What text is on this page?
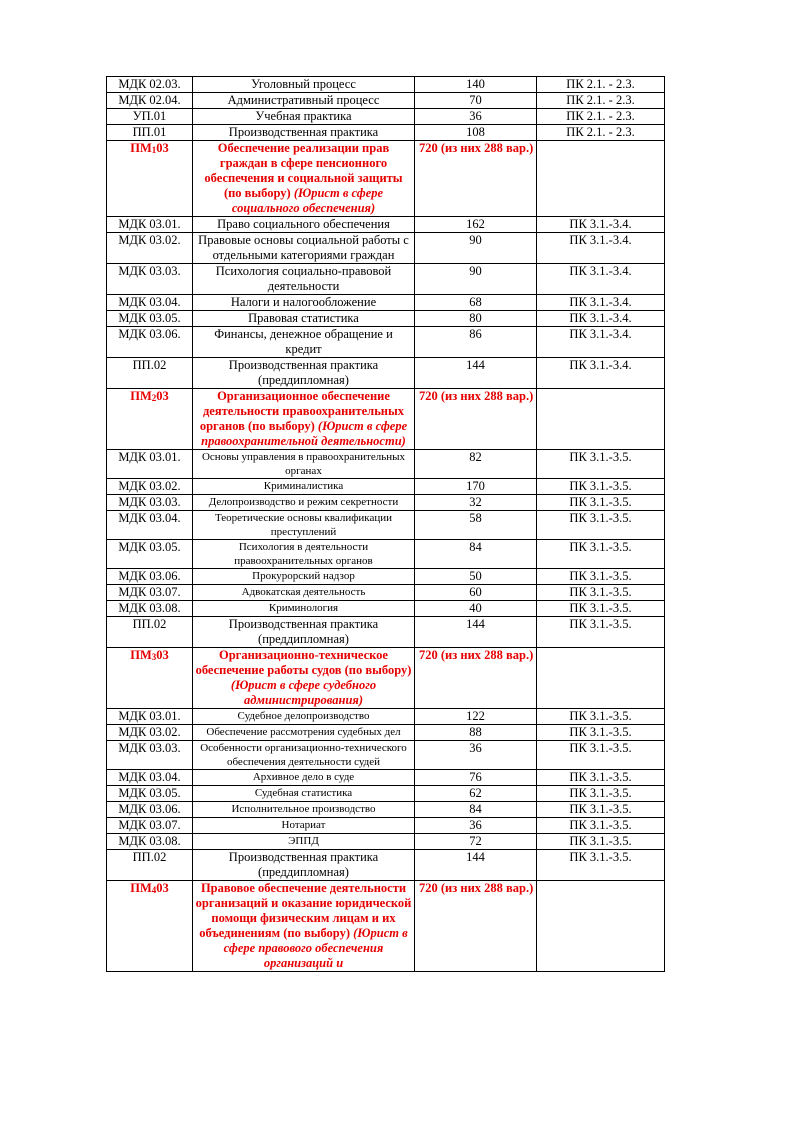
МДК 02.03.	Уголовный процесс	140	ПК 2.1. - 2.3.
МДК 02.04.	Административный процесс	70	ПК 2.1. - 2.3.
УП.01	Учебная практика	36	ПК 2.1. - 2.3.
ПП.01	Производственная практика	108	ПК 2.1. - 2.3.
ПМ103	Обеспечение реализации прав граждан в сфере пенсионного обеспечения и социальной защиты (по выбору) (Юрист в сфере социального обеспечения)	720 (из них 288 вар.)	
МДК 03.01.	Право социального обеспечения	162	ПК 3.1.-3.4.
МДК 03.02.	Правовые основы социальной работы с отдельными категориями граждан	90	ПК 3.1.-3.4.
МДК 03.03.	Психология социально-правовой деятельности	90	ПК 3.1.-3.4.
МДК 03.04.	Налоги и налогообложение	68	ПК 3.1.-3.4.
МДК 03.05.	Правовая статистика	80	ПК 3.1.-3.4.
МДК 03.06.	Финансы, денежное обращение и кредит	86	ПК 3.1.-3.4.
ПП.02	Производственная практика (преддипломная)	144	ПК 3.1.-3.4.
ПМ203	Организационное обеспечение деятельности правоохранительных органов (по выбору) (Юрист в сфере правоохранительной деятельности)	720 (из них 288 вар.)	
МДК 03.01.	Основы управления в правоохранительных органах	82	ПК 3.1.-3.5.
МДК 03.02.	Криминалистика	170	ПК 3.1.-3.5.
МДК 03.03.	Делопроизводство и режим секретности	32	ПК 3.1.-3.5.
МДК 03.04.	Теоретические основы квалификации преступлений	58	ПК 3.1.-3.5.
МДК 03.05.	Психология в деятельности правоохранительных органов	84	ПК 3.1.-3.5.
МДК 03.06.	Прокурорский надзор	50	ПК 3.1.-3.5.
МДК 03.07.	Адвокатская деятельность	60	ПК 3.1.-3.5.
МДК 03.08.	Криминология	40	ПК 3.1.-3.5.
ПП.02	Производственная практика (преддипломная)	144	ПК 3.1.-3.5.
ПМ303	Организационно-техническое обеспечение работы судов (по выбору) (Юрист в сфере судебного администрирования)	720 (из них 288 вар.)	
МДК 03.01.	Судебное делопроизводство	122	ПК 3.1.-3.5.
МДК 03.02.	Обеспечение рассмотрения судебных дел	88	ПК 3.1.-3.5.
МДК 03.03.	Особенности организационно-технического обеспечения деятельности судей	36	ПК 3.1.-3.5.
МДК 03.04.	Архивное дело в суде	76	ПК 3.1.-3.5.
МДК 03.05.	Судебная статистика	62	ПК 3.1.-3.5.
МДК 03.06.	Исполнительное производство	84	ПК 3.1.-3.5.
МДК 03.07.	Нотариат	36	ПК 3.1.-3.5.
МДК 03.08.	ЭППД	72	ПК 3.1.-3.5.
ПП.02	Производственная практика (преддипломная)	144	ПК 3.1.-3.5.
ПМ403	Правовое обеспечение деятельности организаций и оказание юридической помощи физическим лицам и их объединениям (по выбору) (Юрист в сфере правового обеспечения организаций и	720 (из них 288 вар.)	
